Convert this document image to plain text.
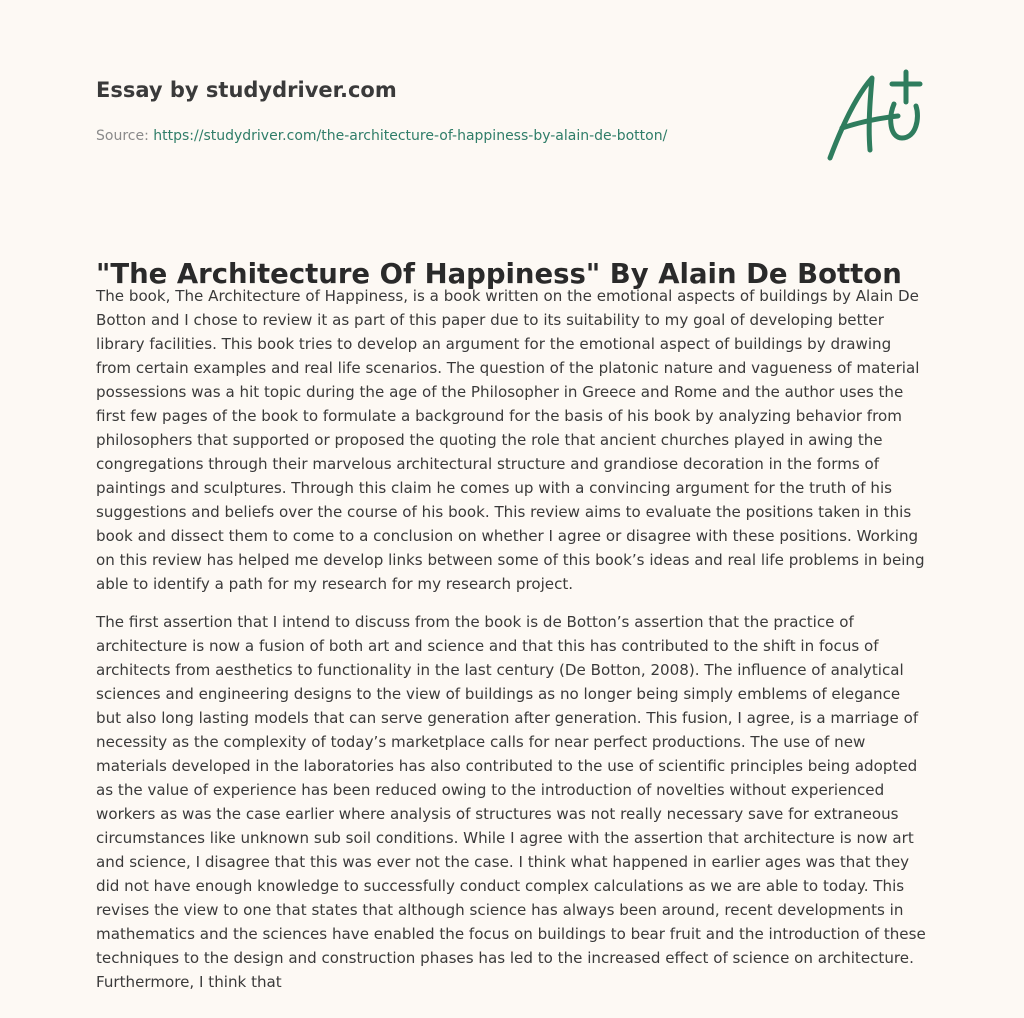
Essay by studydriver.com
Source: https://studydriver.com/the-architecture-of-happiness-by-alain-de-botton/
"The Architecture Of Happiness" By Alain De Botton

The book, The Architecture of Happiness, is a book written on the emotional aspects of buildings by Alain De Botton and I chose to review it as part of this paper due to its suitability to my goal of developing better library facilities. This book tries to develop an argument for the emotional aspect of buildings by drawing from certain examples and real life scenarios. The question of the platonic nature and vagueness of material possessions was a hit topic during the age of the Philosopher in Greece and Rome and the author uses the first few pages of the book to formulate a background for the basis of his book by analyzing behavior from philosophers that supported or proposed the quoting the role that ancient churches played in awing the congregations through their marvelous architectural structure and grandiose decoration in the forms of paintings and sculptures. Through this claim he comes up with a convincing argument for the truth of his suggestions and beliefs over the course of his book. This review aims to evaluate the positions taken in this book and dissect them to come to a conclusion on whether I agree or disagree with these positions. Working on this review has helped me develop links between some of this book’s ideas and real life problems in being able to identify a path for my research for my research project.

The first assertion that I intend to discuss from the book is de Botton’s assertion that the practice of architecture is now a fusion of both art and science and that this has contributed to the shift in focus of architects from aesthetics to functionality in the last century (De Botton, 2008). The influence of analytical sciences and engineering designs to the view of buildings as no longer being simply emblems of elegance but also long lasting models that can serve generation after generation. This fusion, I agree, is a marriage of necessity as the complexity of today’s marketplace calls for near perfect productions. The use of new materials developed in the laboratories has also contributed to the use of scientific principles being adopted as the value of experience has been reduced owing to the introduction of novelties without experienced workers as was the case earlier where analysis of structures was not really necessary save for extraneous circumstances like unknown sub soil conditions. While I agree with the assertion that architecture is now art and science, I disagree that this was ever not the case. I think what happened in earlier ages was that they did not have enough knowledge to successfully conduct complex calculations as we are able to today. This revises the view to one that states that although science has always been around, recent developments in mathematics and the sciences have enabled the focus on buildings to bear fruit and the introduction of these techniques to the design and construction phases has led to the increased effect of science on architecture. Furthermore, I think that
